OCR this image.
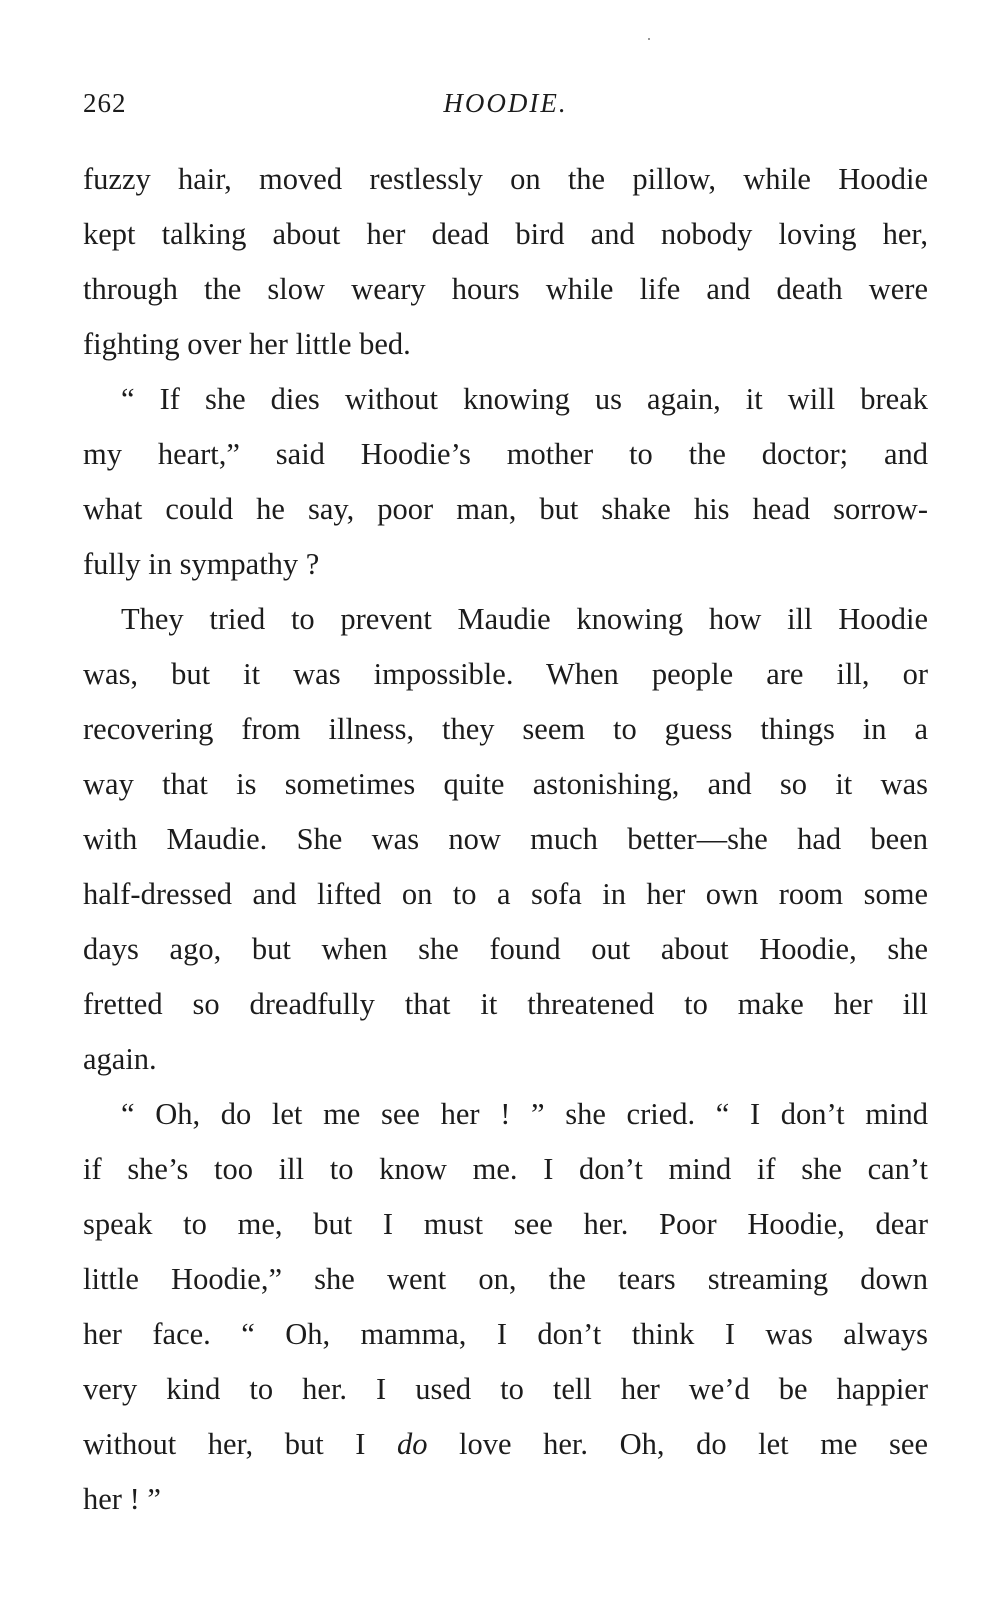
262	HOODIE.
fuzzy hair, moved restlessly on the pillow, while Hoodie
kept talking about her dead bird and nobody loving her,
through the slow weary hours while life and death were
fighting over her little bed.
“ If she dies without knowing us again, it will break
my heart,” said Hoodie’s mother to the doctor; and
what could he say, poor man, but shake his head sorrow-
fully in sympathy ?
They tried to prevent Maudie knowing how ill Hoodie
was, but it was impossible. When people are ill, or
recovering from illness, they seem to guess things in a
way that is sometimes quite astonishing, and so it was
with Maudie. She was now much better—she had been
half-dressed and lifted on to a sofa in her own room some
days ago, but when she found out about Hoodie, she
fretted so dreadfully that it threatened to make her ill
again.
“ Oh, do let me see her ! ” she cried. “ I don’t mind
if she’s too ill to know me. I don’t mind if she can’t
speak to me, but I must see her. Poor Hoodie, dear
little Hoodie,” she went on, the tears streaming down
her face. “ Oh, mamma, I don’t think I was always
very kind to her. I used to tell her we’d be happier
without her, but I do love her. Oh, do let me see
her ! ”
